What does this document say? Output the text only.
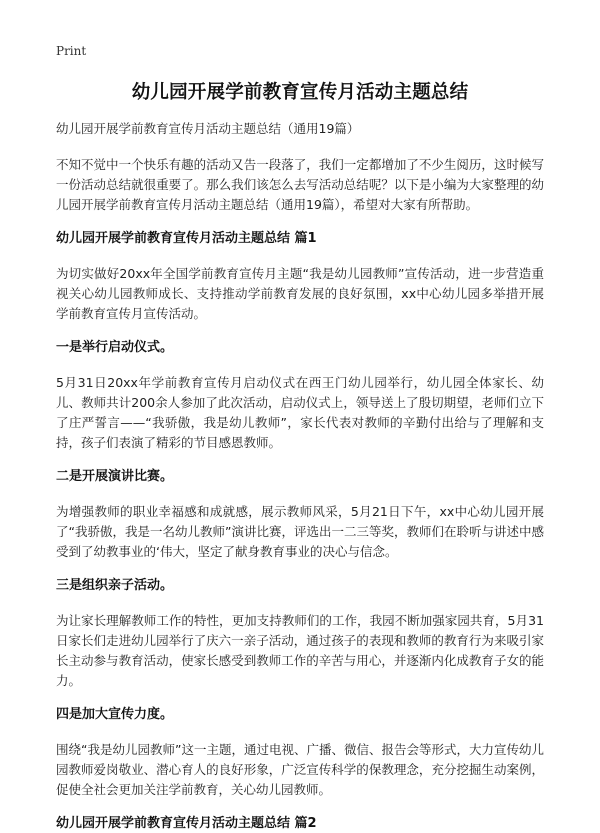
Print
幼儿园开展学前教育宣传月活动主题总结
幼儿园开展学前教育宣传月活动主题总结（通用19篇）

不知不觉中一个快乐有趣的活动又告一段落了，我们一定都增加了不少生阅历，这时候写一份活动总结就很重要了。那么我们该怎么去写活动总结呢？以下是小编为大家整理的幼儿园开展学前教育宣传月活动主题总结（通用19篇），希望对大家有所帮助。

幼儿园开展学前教育宣传月活动主题总结 篇1

为切实做好20xx年全国学前教育宣传月主题“我是幼儿园教师”宣传活动，进一步营造重视关心幼儿园教师成长、支持推动学前教育发展的良好氛围，xx中心幼儿园多举措开展学前教育宣传月宣传活动。

一是举行启动仪式。

5月31日20xx年学前教育宣传月启动仪式在西王门幼儿园举行，幼儿园全体家长、幼儿、教师共计200余人参加了此次活动，启动仪式上，领导送上了殷切期望，老师们立下了庄严誓言——“我骄傲，我是幼儿教师”，家长代表对教师的辛勤付出给与了理解和支持，孩子们表演了精彩的节目感恩教师。

二是开展演讲比赛。

为增强教师的职业幸福感和成就感，展示教师风采，5月21日下午，xx中心幼儿园开展了“我骄傲，我是一名幼儿教师”演讲比赛，评选出一二三等奖，教师们在聆听与讲述中感受到了幼教事业的‘伟大，坚定了献身教育事业的决心与信念。

三是组织亲子活动。

为让家长理解教师工作的特性，更加支持教师们的工作，我园不断加强家园共育，5月31日家长们走进幼儿园举行了庆六一亲子活动，通过孩子的表现和教师的教育行为来吸引家长主动参与教育活动，使家长感受到教师工作的辛苦与用心，并逐渐内化成教育子女的能力。

四是加大宣传力度。

围绕“我是幼儿园教师”这一主题，通过电视、广播、微信、报告会等形式，大力宣传幼儿园教师爱岗敬业、潜心育人的良好形象，广泛宣传科学的保教理念，充分挖掘生动案例，促使全社会更加关注学前教育，关心幼儿园教师。

幼儿园开展学前教育宣传月活动主题总结 篇2
